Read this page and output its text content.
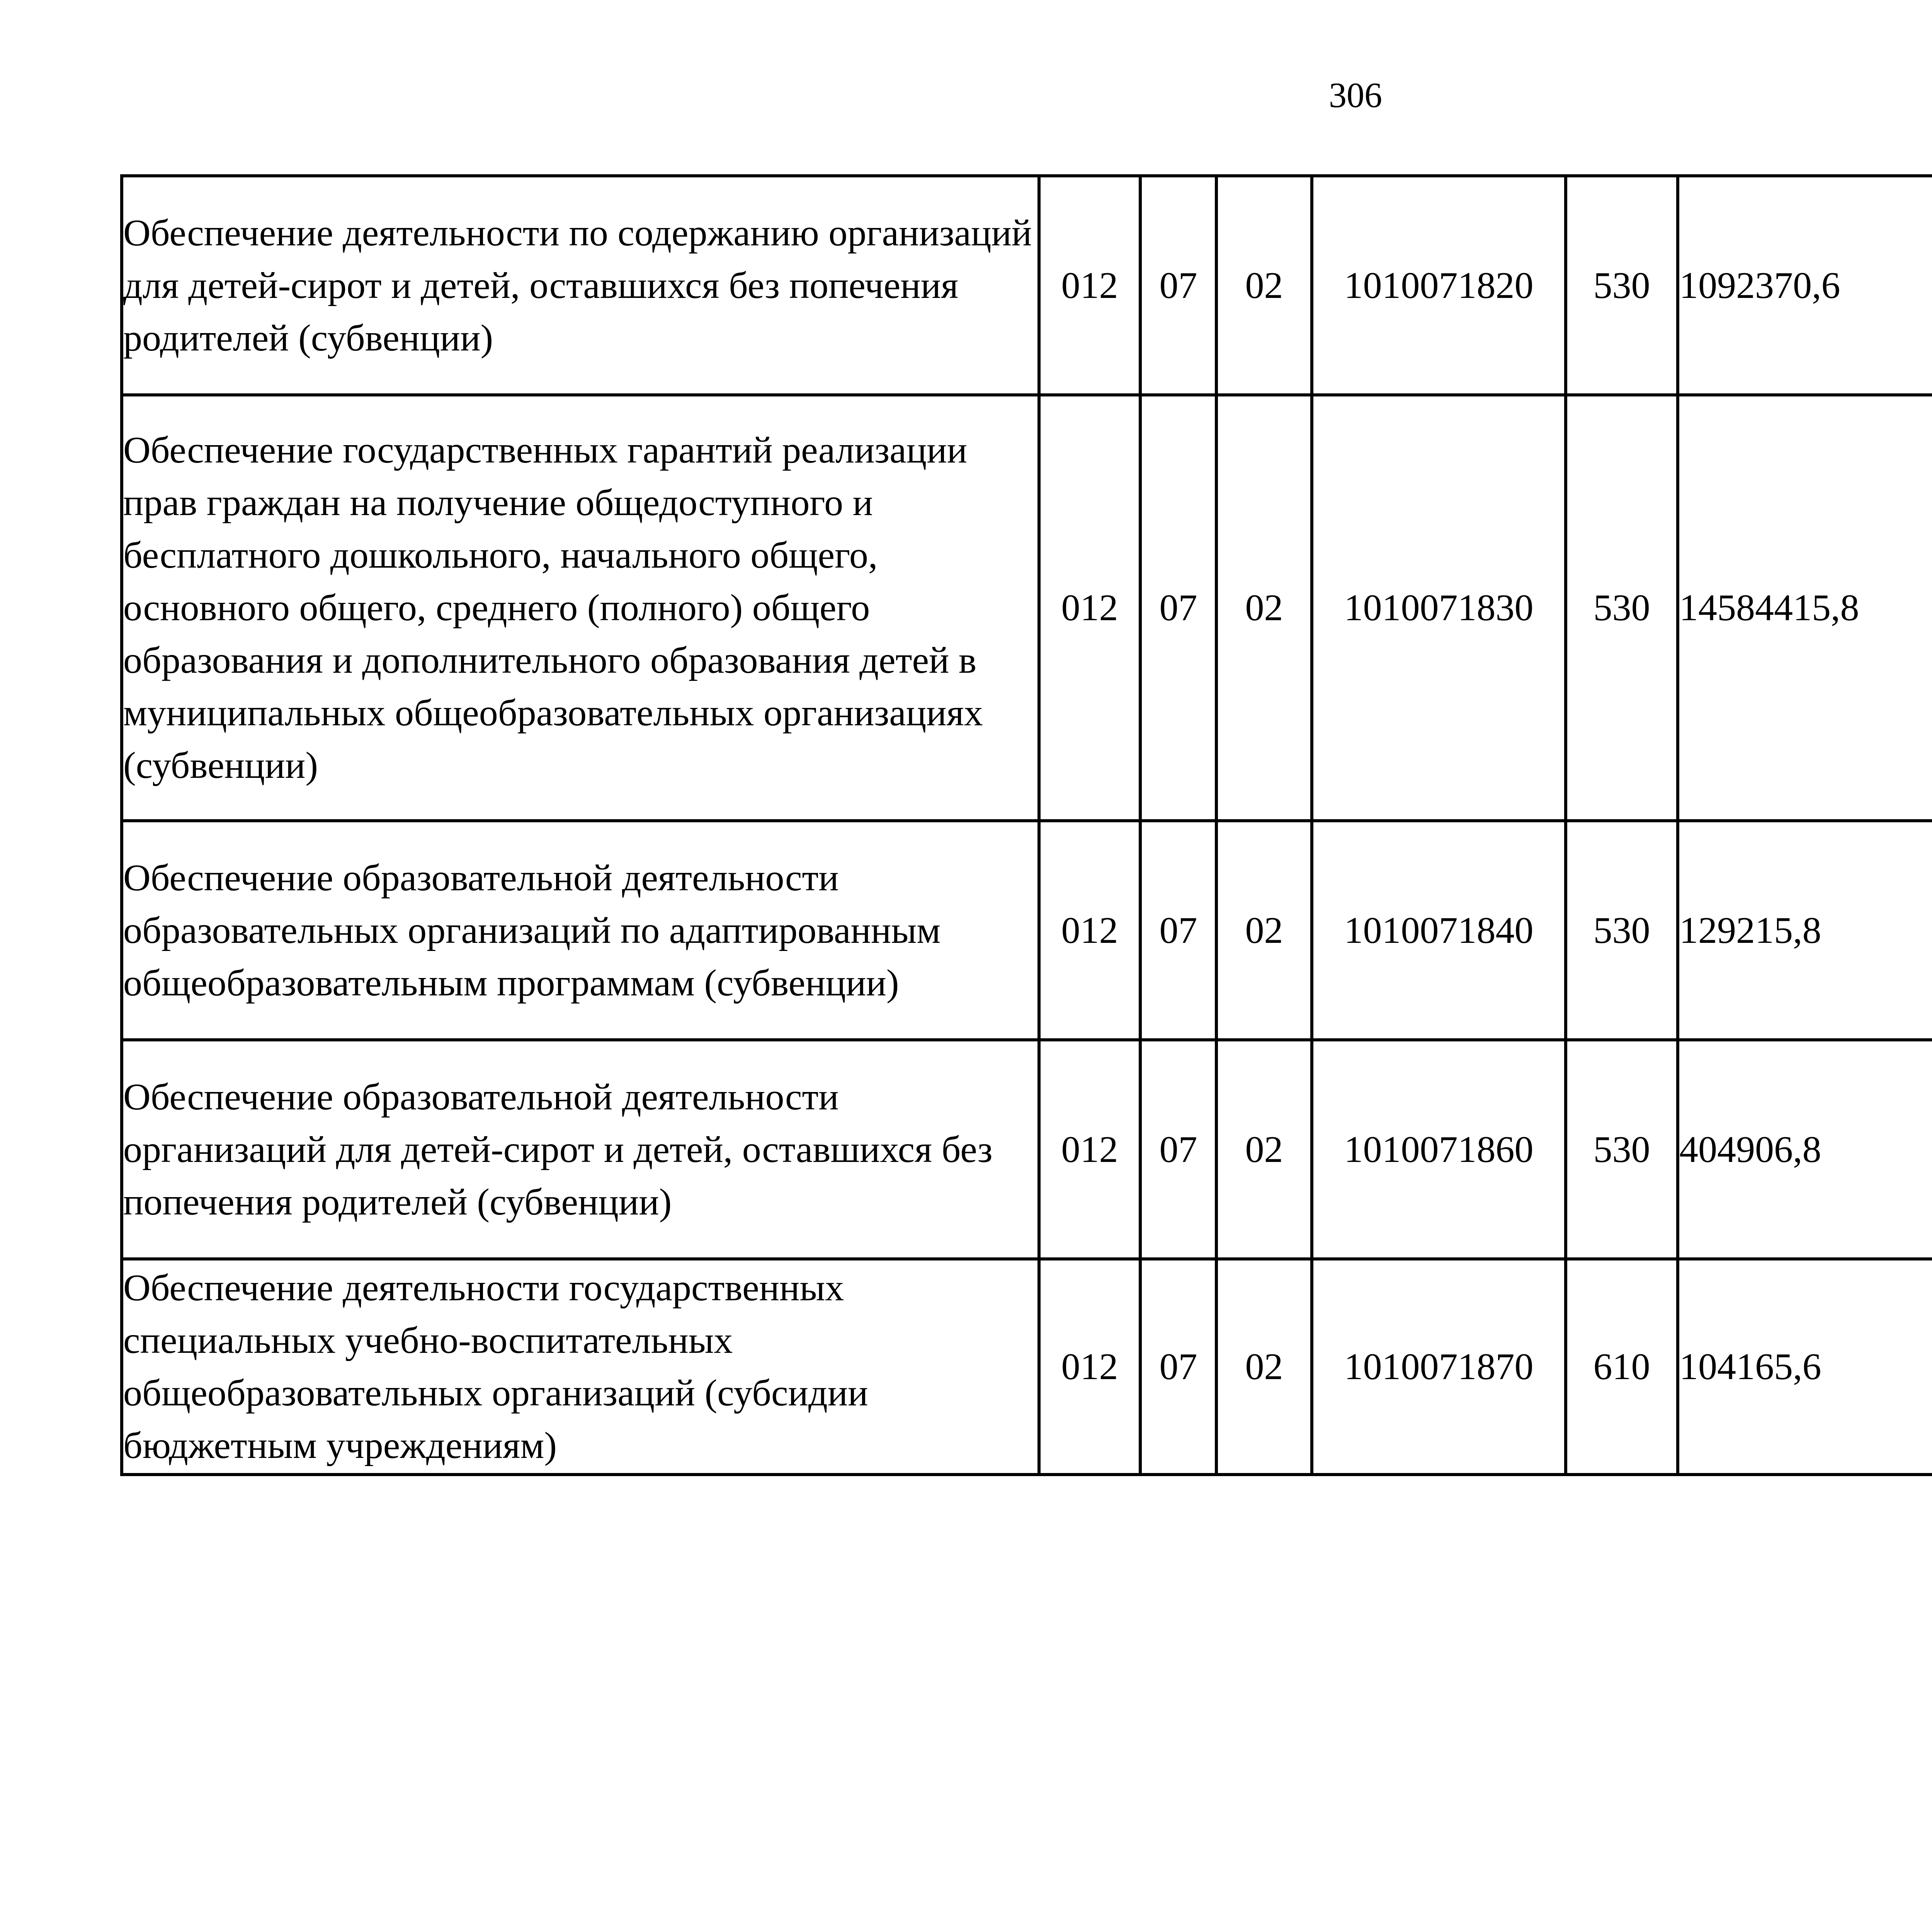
306
Обеспечение деятельности по содержанию организаций для детей-сирот и детей, оставшихся без попечения родителей (субвенции)	012	07	02	1010071820	530	1092370,6		
Обеспечение государственных гарантий реализации прав граждан на получение общедоступного и бесплатного дошкольного, начального общего, основного общего, среднего (полного) общего образования и дополнительного образования детей в муниципальных общеобразовательных организациях (субвенции)	012	07	02	1010071830	530	14584415,8		
Обеспечение образовательной деятельности образовательных организаций по адаптированным общеобразовательным программам (субвенции)	012	07	02	1010071840	530	129215,8		
Обеспечение образовательной деятельности организаций для детей-сирот и детей, оставшихся без попечения родителей (субвенции)	012	07	02	1010071860	530	404906,8		
Обеспечение деятельности государственных специальных учебно-воспитательных общеобразовательных организаций (субсидии бюджетным учреждениям)	012	07	02	1010071870	610	104165,6		
